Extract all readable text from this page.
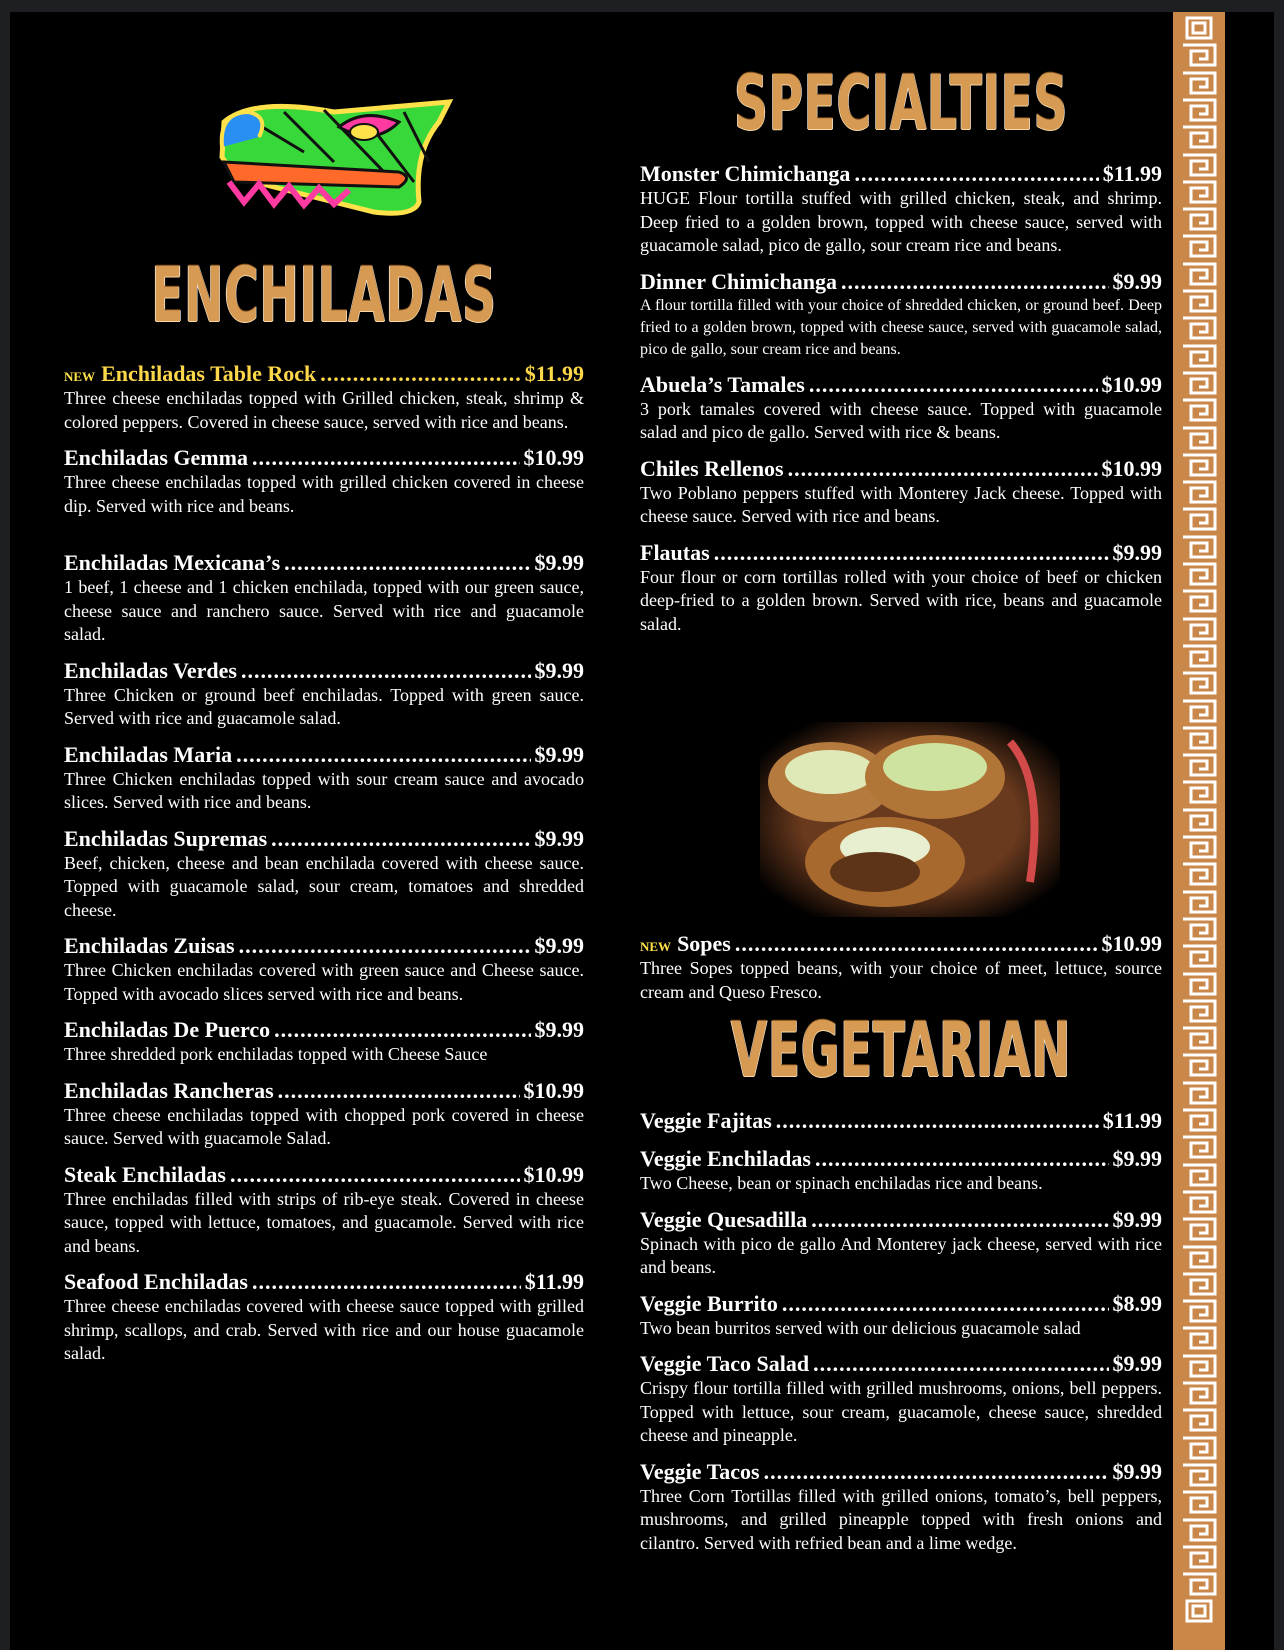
ENCHILADAS
NEW Enchiladas Table Rock .....	$11.99
Three cheese enchiladas topped with Grilled chicken, steak, shrimp & colored peppers. Covered in cheese sauce, served with rice and beans.
Enchiladas Gemma .....	$10.99
Three cheese enchiladas topped with grilled chicken covered in cheese dip. Served with rice and beans.
Enchiladas Mexicana’s .....	$9.99
1 beef, 1 cheese and 1 chicken enchilada, topped with our green sauce, cheese sauce and ranchero sauce. Served with rice and guacamole salad.
Enchiladas Verdes .....	$9.99
Three Chicken or ground beef enchiladas. Topped with green sauce. Served with rice and guacamole salad.
Enchiladas Maria .....	$9.99
Three Chicken enchiladas topped with sour cream sauce and avocado slices. Served with rice and beans.
Enchiladas Supremas .....	$9.99
Beef, chicken, cheese and bean enchilada covered with cheese sauce. Topped with guacamole salad, sour cream, tomatoes and shredded cheese.
Enchiladas Zuisas .....	$9.99
Three Chicken enchiladas covered with green sauce and Cheese sauce. Topped with avocado slices served with rice and beans.
Enchiladas De Puerco .....	$9.99
Three shredded pork enchiladas topped with Cheese Sauce
Enchiladas Rancheras .....	$10.99
Three cheese enchiladas topped with chopped pork covered in cheese sauce. Served with guacamole Salad.
Steak Enchiladas .....	$10.99
Three enchiladas filled with strips of rib-eye steak. Covered in cheese sauce, topped with lettuce, tomatoes, and guacamole. Served with rice and beans.
Seafood Enchiladas .....	$11.99
Three cheese enchiladas covered with cheese sauce topped with grilled shrimp, scallops, and crab. Served with rice and our house guacamole salad.
SPECIALTIES
Monster Chimichanga .....	$11.99
HUGE Flour tortilla stuffed with grilled chicken, steak, and shrimp. Deep fried to a golden brown, topped with cheese sauce, served with guacamole salad, pico de gallo, sour cream rice and beans.
Dinner Chimichanga .....	$9.99
A flour tortilla filled with your choice of shredded chicken, or ground beef. Deep fried to a golden brown, topped with cheese sauce, served with guacamole salad, pico de gallo, sour cream rice and beans.
Abuela’s Tamales .....	$10.99
3 pork tamales covered with cheese sauce. Topped with guacamole salad and pico de gallo. Served with rice & beans.
Chiles Rellenos .....	$10.99
Two Poblano peppers stuffed with Monterey Jack cheese. Topped with cheese sauce. Served with rice and beans.
Flautas .....	$9.99
Four flour or corn tortillas rolled with your choice of beef or chicken deep-fried to a golden brown. Served with rice, beans and guacamole salad.
NEW Sopes .....	$10.99
Three Sopes topped beans, with your choice of meet, lettuce, source cream and Queso Fresco.
VEGETARIAN
Veggie Fajitas .....	$11.99
Veggie Enchiladas .....	$9.99
Two Cheese, bean or spinach enchiladas rice and beans.
Veggie Quesadilla .....	$9.99
Spinach with pico de gallo And Monterey jack cheese, served with rice and beans.
Veggie Burrito .....	$8.99
Two bean burritos served with our delicious guacamole salad
Veggie Taco Salad .....	$9.99
Crispy flour tortilla filled with grilled mushrooms, onions, bell peppers. Topped with lettuce, sour cream, guacamole, cheese sauce, shredded cheese and pineapple.
Veggie Tacos .....	$9.99
Three Corn Tortillas filled with grilled onions, tomato’s, bell peppers, mushrooms, and grilled pineapple topped with fresh onions and cilantro. Served with refried bean and a lime wedge.
